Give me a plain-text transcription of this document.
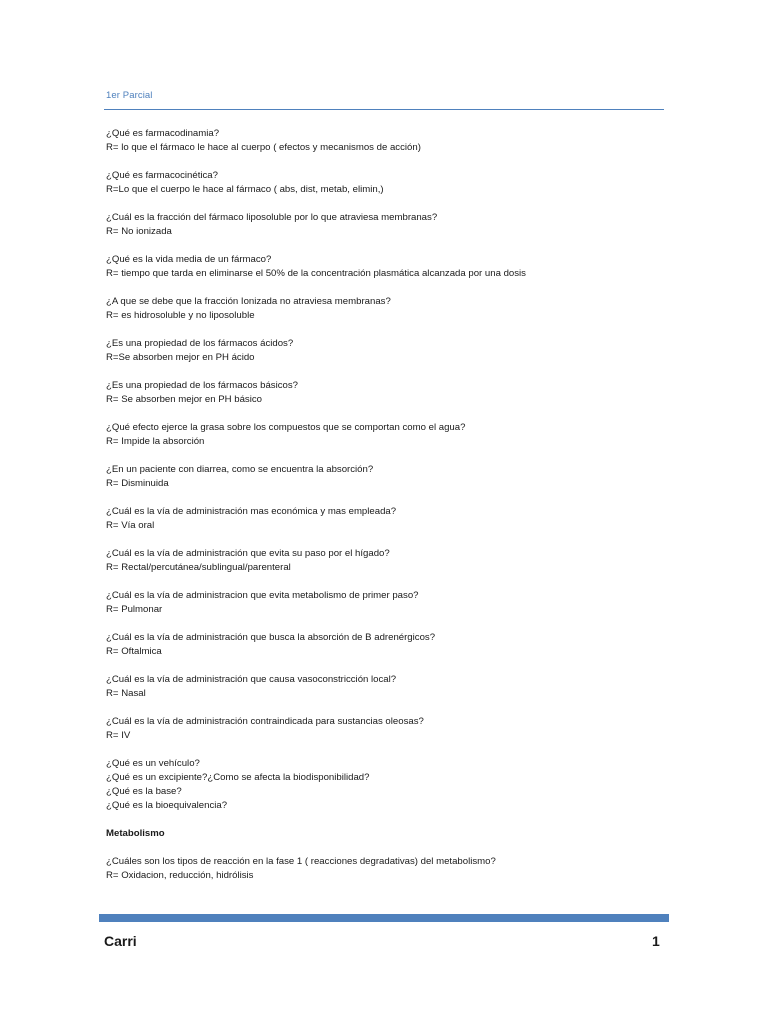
1er Parcial
¿Qué es farmacodinamia?
R= lo que el fármaco le hace al cuerpo ( efectos y mecanismos de acción)
¿Qué es farmacocinética?
R=Lo que el cuerpo le hace al fármaco ( abs, dist, metab, elimin,)
¿Cuál es la fracción del fármaco liposoluble por lo que atraviesa membranas?
R= No ionizada
¿Qué es la vida media de un fármaco?
R= tiempo que tarda en eliminarse el 50% de la concentración plasmática alcanzada por una dosis
¿A que se debe que la fracción Ionizada no atraviesa membranas?
R= es hidrosoluble y no liposoluble
¿Es una propiedad de los fármacos ácidos?
R=Se absorben mejor en PH ácido
¿Es una propiedad de los fármacos básicos?
R= Se absorben mejor en PH básico
¿Qué efecto ejerce la grasa sobre los compuestos que se comportan como el agua?
R= Impide la absorción
¿En un paciente con diarrea, como se encuentra la absorción?
R= Disminuida
¿Cuál es la vía de administración mas económica y mas empleada?
R= Vía oral
¿Cuál es la vía de administración que evita su paso por el hígado?
R= Rectal/percutánea/sublingual/parenteral
¿Cuál es la vía de administracion que evita metabolismo de primer paso?
R= Pulmonar
¿Cuál es la vía de administración que busca la absorción de B adrenérgicos?
R= Oftalmica
¿Cuál es la vía de administración que causa vasoconstricción local?
R= Nasal
¿Cuál es la vía de administración contraindicada para sustancias oleosas?
R= IV
¿Qué es un vehículo?
¿Qué es un excipiente?¿Como se afecta la biodisponibilidad?
¿Qué es la base?
¿Qué es la bioequivalencia?
Metabolismo
¿Cuáles son los tipos de reacción en la fase 1 ( reacciones degradativas) del metabolismo?
R= Oxidacion, reducción, hidrólisis
Carri	1
